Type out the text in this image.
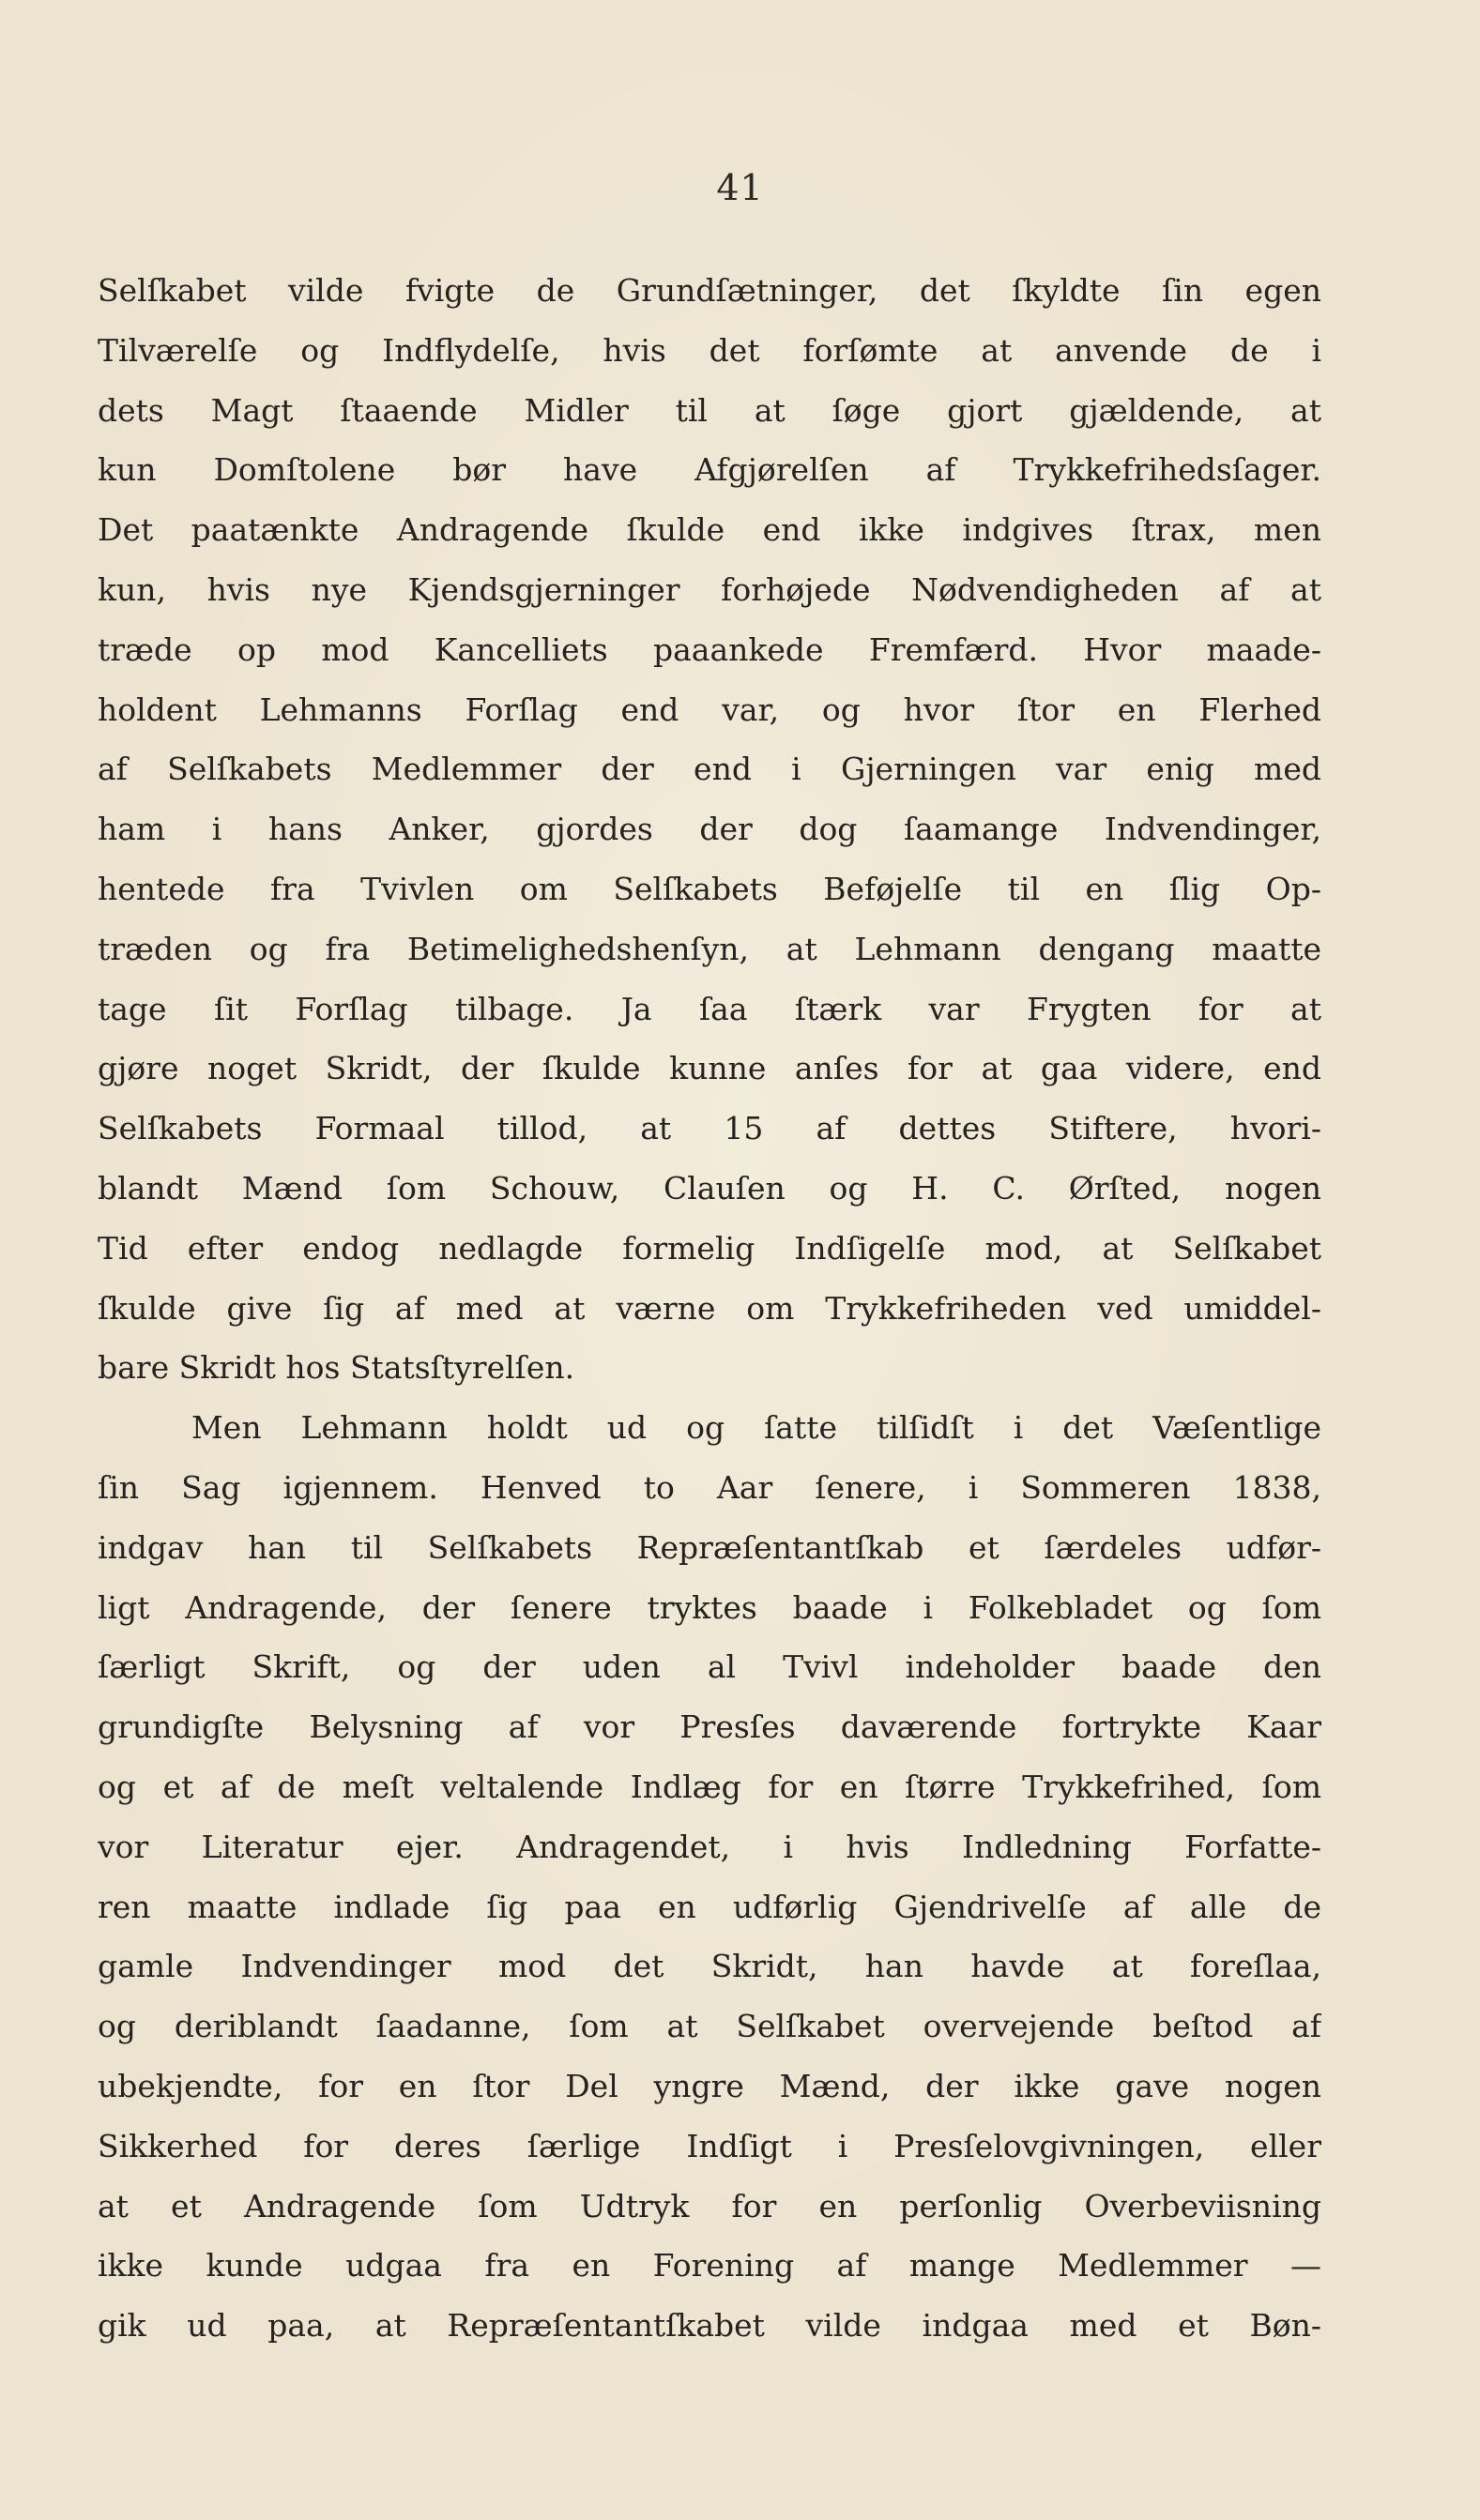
41
Selſkabet vilde fvigte de Grundſætninger, det ſkyldte ſin egen
Tilværelſe og Indflydelſe, hvis det forſømte at anvende de i
dets Magt ſtaaende Midler til at ſøge gjort gjældende, at
kun Domſtolene bør have Afgjørelſen af Trykkefrihedsſager.
Det paatænkte Andragende ſkulde end ikke indgives ſtrax, men
kun, hvis nye Kjendsgjerninger forhøjede Nødvendigheden af at
træde op mod Kancelliets paaankede Fremfærd. Hvor maade-
holdent Lehmanns Forſlag end var, og hvor ſtor en Flerhed
af Selſkabets Medlemmer der end i Gjerningen var enig med
ham i hans Anker, gjordes der dog ſaamange Indvendinger,
hentede fra Tvivlen om Selſkabets Beføjelſe til en ſlig Op-
træden og fra Betimelighedshenſyn, at Lehmann dengang maatte
tage ſit Forſlag tilbage. Ja ſaa ſtærk var Frygten for at
gjøre noget Skridt, der ſkulde kunne anſes for at gaa videre, end
Selſkabets Formaal tillod, at 15 af dettes Stiftere, hvori-
blandt Mænd ſom Schouw, Clauſen og H. C. Ørſted, nogen
Tid efter endog nedlagde formelig Indſigelſe mod, at Selſkabet
ſkulde give ſig af med at værne om Trykkefriheden ved umiddel-
bare Skridt hos Statsſtyrelſen.
Men Lehmann holdt ud og ſatte tilſidſt i det Væſentlige
ſin Sag igjennem. Henved to Aar ſenere, i Sommeren 1838,
indgav han til Selſkabets Repræſentantſkab et ſærdeles udfør-
ligt Andragende, der ſenere tryktes baade i Folkebladet og ſom
ſærligt Skrift, og der uden al Tvivl indeholder baade den
grundigſte Belysning af vor Presſes daværende fortrykte Kaar
og et af de meſt veltalende Indlæg for en ſtørre Trykkefrihed, ſom
vor Literatur ejer. Andragendet, i hvis Indledning Forfatte-
ren maatte indlade ſig paa en udførlig Gjendrivelſe af alle de
gamle Indvendinger mod det Skridt, han havde at foreſlaa,
og deriblandt ſaadanne, ſom at Selſkabet overvejende beſtod af
ubekjendte, for en ſtor Del yngre Mænd, der ikke gave nogen
Sikkerhed for deres ſærlige Indſigt i Presſelovgivningen, eller
at et Andragende ſom Udtryk for en perſonlig Overbeviisning
ikke kunde udgaa fra en Forening af mange Medlemmer —
gik ud paa, at Repræſentantſkabet vilde indgaa med et Bøn-
